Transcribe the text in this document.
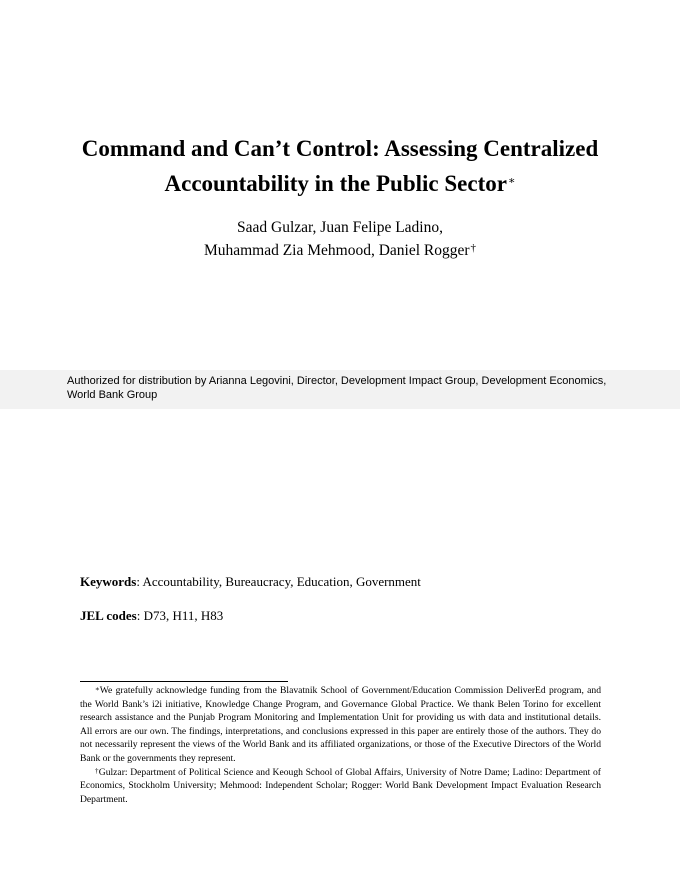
Command and Can’t Control: Assessing Centralized
Accountability in the Public Sector∗
Saad Gulzar, Juan Felipe Ladino,
Muhammad Zia Mehmood, Daniel Rogger†
Authorized for distribution by Arianna Legovini, Director, Development Impact Group, Development Economics, World Bank Group
Keywords: Accountability, Bureaucracy, Education, Government
JEL codes: D73, H11, H83

∗We gratefully acknowledge funding from the Blavatnik School of Government/Education Commission DeliverEd program, and the World Bank’s i2i initiative, Knowledge Change Program, and Governance Global Practice. We thank Belen Torino for excellent research assistance and the Punjab Program Monitoring and Implementation Unit for providing us with data and institutional details. All errors are our own. The findings, interpretations, and conclusions expressed in this paper are entirely those of the authors. They do not necessarily represent the views of the World Bank and its affiliated organizations, or those of the Executive Directors of the World Bank or the governments they represent.

†Gulzar: Department of Political Science and Keough School of Global Affairs, University of Notre Dame; Ladino: Department of Economics, Stockholm University; Mehmood: Independent Scholar; Rogger: World Bank Development Impact Evaluation Research Department.
